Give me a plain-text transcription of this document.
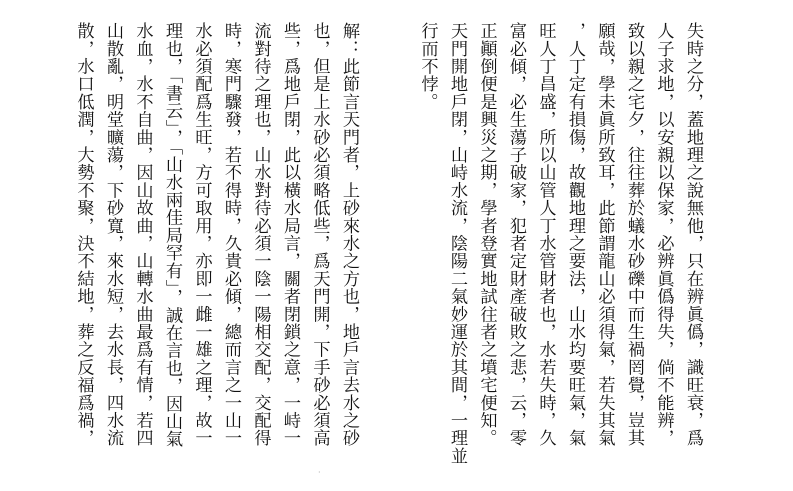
失時之分，蓋地理之說無他，只在辨眞僞，識旺衰，爲
人子求地，以安親以保家，必辨眞僞得失，倘不能辨，
致以親之宅夕，往往葬於蟻水砂礫中而生禍罔覺，豈其
願哉，學未眞所致耳，此節謂龍山必須得氣，若失其氣
，人丁定有損傷，故觀地理之要法，山水均要旺氣，氣
旺人丁昌盛，所以山管人丁水管財者也，水若失時，久
富必傾，必生蕩子破家，犯者定財產破敗之悲，云，零
正顚倒便是興災之期，學者登實地試往者之墳宅便知。
天門開地戶閉，山峙水流，陰陽二氣妙運於其間，一理並
行而不悖。
解：此節言天門者，上砂來水之方也，地戶言去水之砂
也，但是上水砂必須略低些，爲天門開，下手砂必須高
些，爲地戶閉，此以橫水局言，關者閉鎖之意，一峙一
流對待之理也，山水對待必須一陰一陽相交配，交配得
時，寒門驟發，若不得時，久貴必傾，總而言之一山一
水必須配爲生旺，方可取用，亦即一雌一雄之理，故一
理也，「書云」，「山水兩佳局罕有」，誠在言也，因山氣
水血，水不自曲，因山故曲，山轉水曲最爲有情，若四
山散亂，明堂曠蕩，下砂寬，來水短，去水長，四水流
散，水口低潤，大勢不聚，決不結地，葬之反福爲禍，
·
